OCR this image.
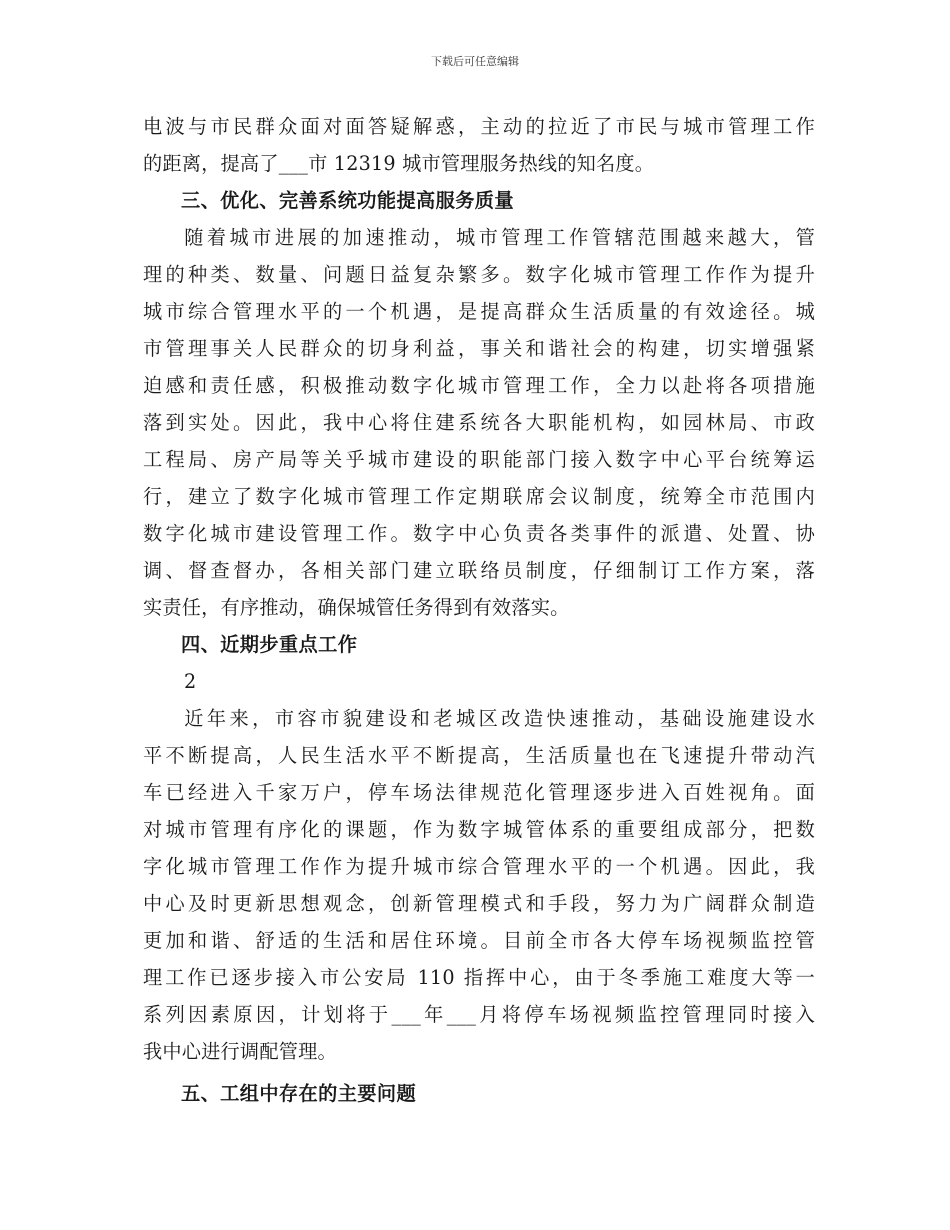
下载后可任意编辑
电波与市民群众面对面答疑解惑，主动的拉近了市民与城市管理工作
的距离，提高了___市 12319 城市管理服务热线的知名度。
三、优化、完善系统功能提高服务质量
随着城市进展的加速推动，城市管理工作管辖范围越来越大，管
理的种类、数量、问题日益复杂繁多。数字化城市管理工作作为提升
城市综合管理水平的一个机遇，是提高群众生活质量的有效途径。城
市管理事关人民群众的切身利益，事关和谐社会的构建，切实增强紧
迫感和责任感，积极推动数字化城市管理工作，全力以赴将各项措施
落到实处。因此，我中心将住建系统各大职能机构，如园林局、市政
工程局、房产局等关乎城市建设的职能部门接入数字中心平台统筹运
行，建立了数字化城市管理工作定期联席会议制度，统筹全市范围内
数字化城市建设管理工作。数字中心负责各类事件的派遣、处置、协
调、督查督办，各相关部门建立联络员制度，仔细制订工作方案，落
实责任，有序推动，确保城管任务得到有效落实。
四、近期步重点工作
2
近年来，市容市貌建设和老城区改造快速推动，基础设施建设水
平不断提高，人民生活水平不断提高，生活质量也在飞速提升带动汽
车已经进入千家万户，停车场法律规范化管理逐步进入百姓视角。面
对城市管理有序化的课题，作为数字城管体系的重要组成部分，把数
字化城市管理工作作为提升城市综合管理水平的一个机遇。因此，我
中心及时更新思想观念，创新管理模式和手段，努力为广阔群众制造
更加和谐、舒适的生活和居住环境。目前全市各大停车场视频监控管
理工作已逐步接入市公安局 110 指挥中心，由于冬季施工难度大等一
系列因素原因，计划将于___年___月将停车场视频监控管理同时接入
我中心进行调配管理。
五、工组中存在的主要问题
